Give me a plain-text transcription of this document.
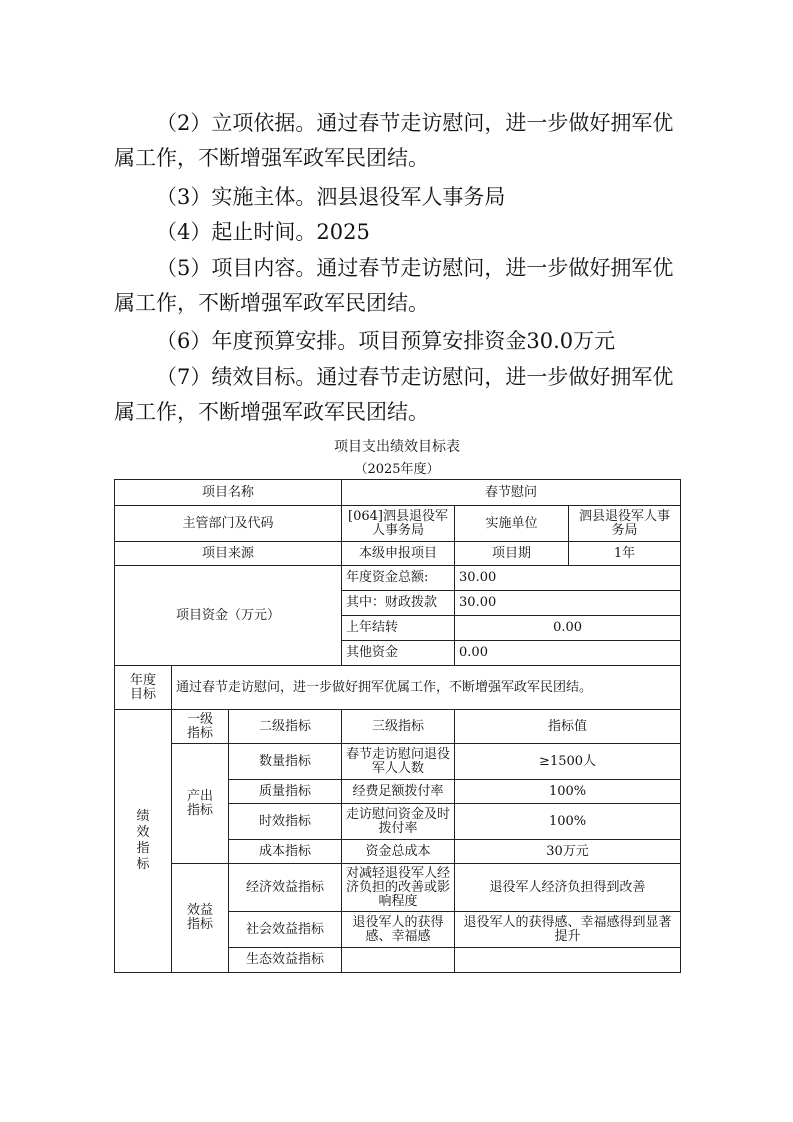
（2）立项依据。通过春节走访慰问，进一步做好拥军优属工作，不断增强军政军民团结。

（3）实施主体。泗县退役军人事务局

（4）起止时间。2025

（5）项目内容。通过春节走访慰问，进一步做好拥军优属工作，不断增强军政军民团结。

（6）年度预算安排。项目预算安排资金30.0万元

（7）绩效目标。通过春节走访慰问，进一步做好拥军优属工作，不断增强军政军民团结。

项目支出绩效目标表
（2025年度）
项目名称			春节慰问		
主管部门及代码			[064]泗县退役军人事务局	实施单位	泗县退役军人事务局
项目来源			本级申报项目	项目期	1年
项目资金（万元）			年度资金总额:	30.00	
			其中：财政拨款	30.00	
			上年结转	0.00	
			其他资金	0.00	
年度目标	通过春节走访慰问，进一步做好拥军优属工作，不断增强军政军民团结。				
绩效指标	一级指标	二级指标	三级指标	指标值	
	产出指标	数量指标	春节走访慰问退役军人人数	≥1500人	
		质量指标	经费足额拨付率	100%	
		时效指标	走访慰问资金及时拨付率	100%	
		成本指标	资金总成本	30万元	
	效益指标	经济效益指标	对减轻退役军人经济负担的改善或影响程度	退役军人经济负担得到改善	
		社会效益指标	退役军人的获得感、幸福感	退役军人的获得感、幸福感得到显著提升	
		生态效益指标			
